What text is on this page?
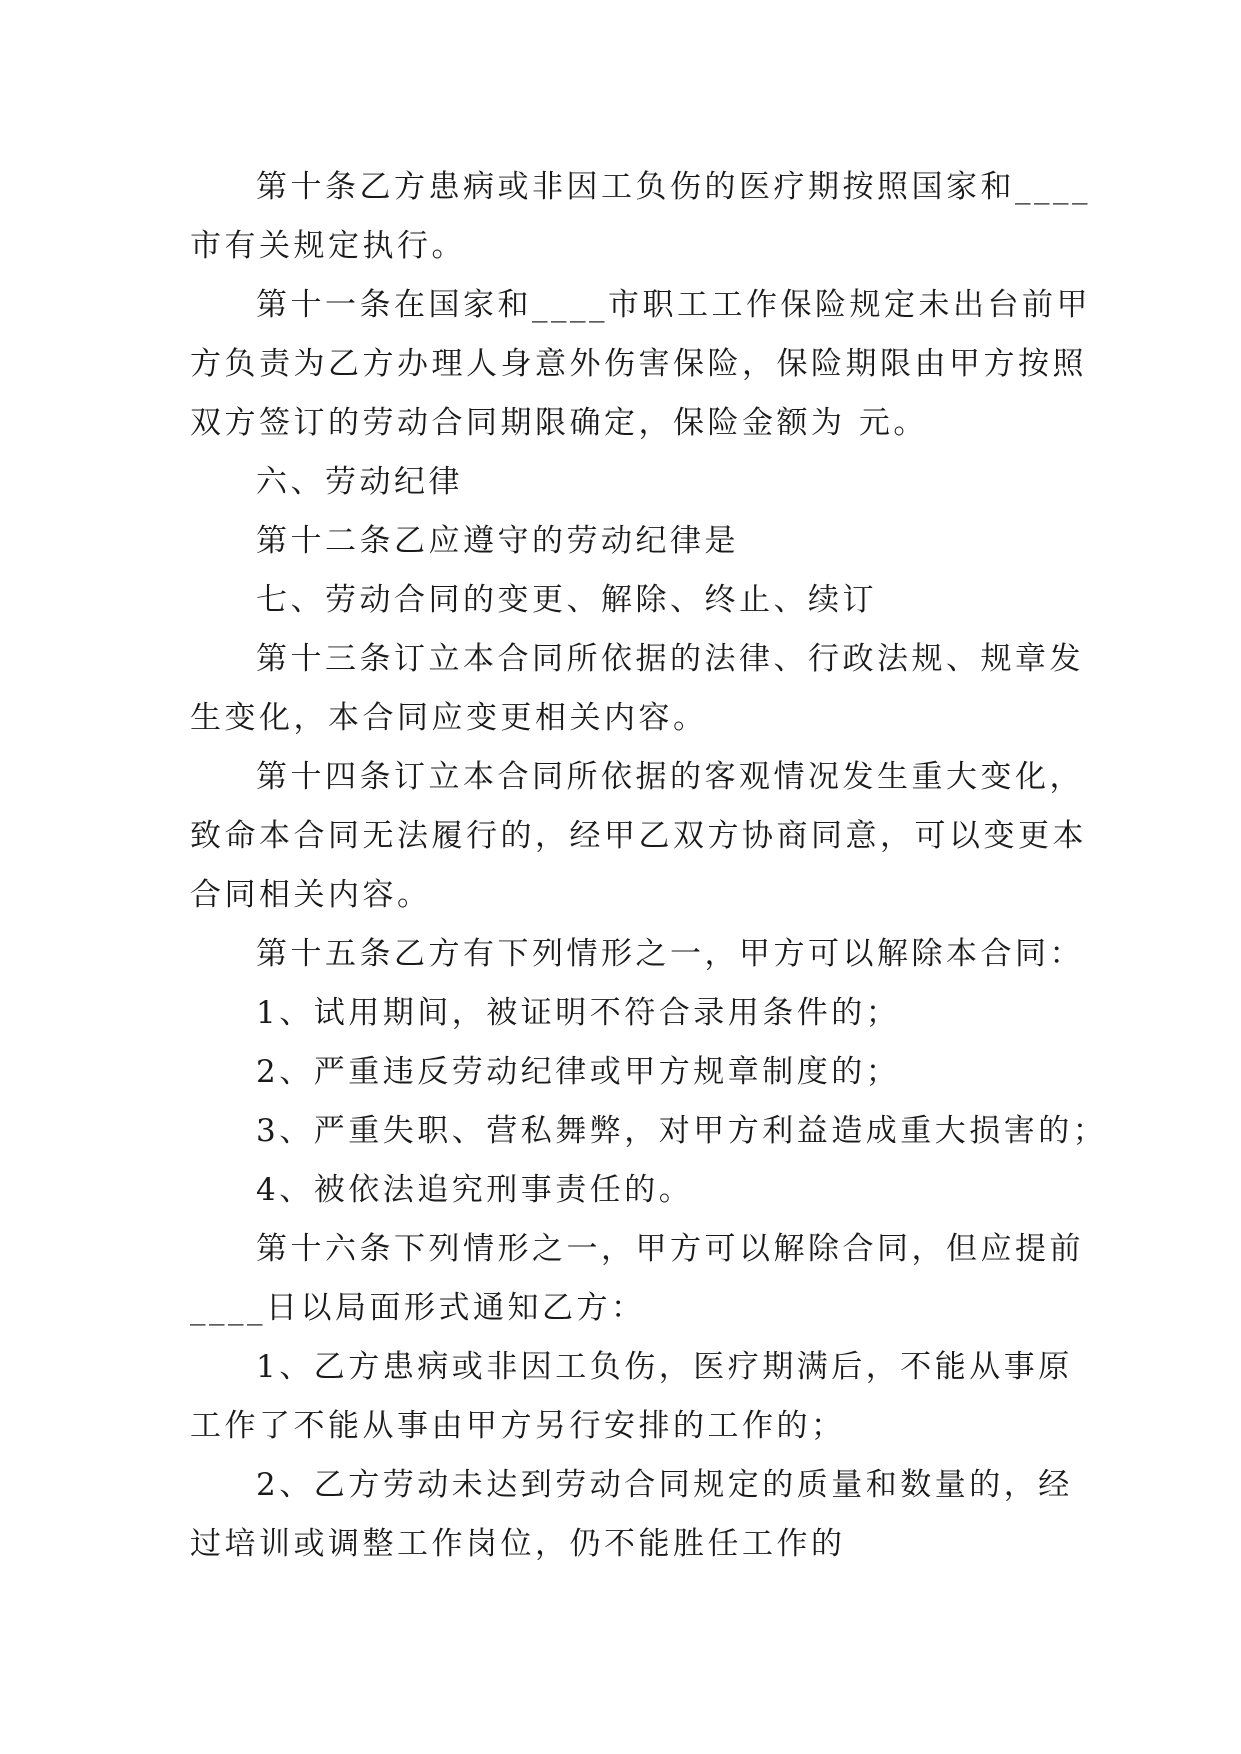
第十条乙方患病或非因工负伤的医疗期按照国家和____

市有关规定执行。

第十一条在国家和____市职工工作保险规定未出台前甲

方负责为乙方办理人身意外伤害保险，保险期限由甲方按照

双方签订的劳动合同期限确定，保险金额为 元。

六、劳动纪律

第十二条乙应遵守的劳动纪律是

七、劳动合同的变更、解除、终止、续订

第十三条订立本合同所依据的法律、行政法规、规章发

生变化，本合同应变更相关内容。

第十四条订立本合同所依据的客观情况发生重大变化，

致命本合同无法履行的，经甲乙双方协商同意，可以变更本

合同相关内容。

第十五条乙方有下列情形之一，甲方可以解除本合同：

1、试用期间，被证明不符合录用条件的；

2、严重违反劳动纪律或甲方规章制度的；

3、严重失职、营私舞弊，对甲方利益造成重大损害的；

4、被依法追究刑事责任的。

第十六条下列情形之一，甲方可以解除合同，但应提前

____日以局面形式通知乙方：

1、乙方患病或非因工负伤，医疗期满后，不能从事原

工作了不能从事由甲方另行安排的工作的；

2、乙方劳动未达到劳动合同规定的质量和数量的，经

过培训或调整工作岗位，仍不能胜任工作的
